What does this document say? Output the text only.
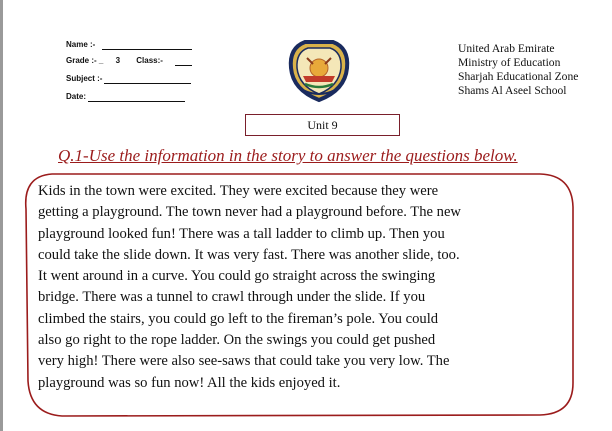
Name :-
Grade :- _ 3 Class:-
Subject :-
Date:
United Arab Emirate
Ministry of Education
Sharjah Educational Zone
Shams Al Aseel School
Unit 9
Q.1-Use the information in the story to answer the questions below.
Kids in the town were excited. They were excited because they were
getting a playground. The town never had a playground before. The new
playground looked fun! There was a tall ladder to climb up. Then you
could take the slide down. It was very fast. There was another slide, too.
It went around in a curve. You could go straight across the swinging
bridge. There was a tunnel to crawl through under the slide. If you
climbed the stairs, you could go left to the fireman’s pole. You could
also go right to the rope ladder. On the swings you could get pushed
very high! There were also see-saws that could take you very low. The
playground was so fun now! All the kids enjoyed it.
